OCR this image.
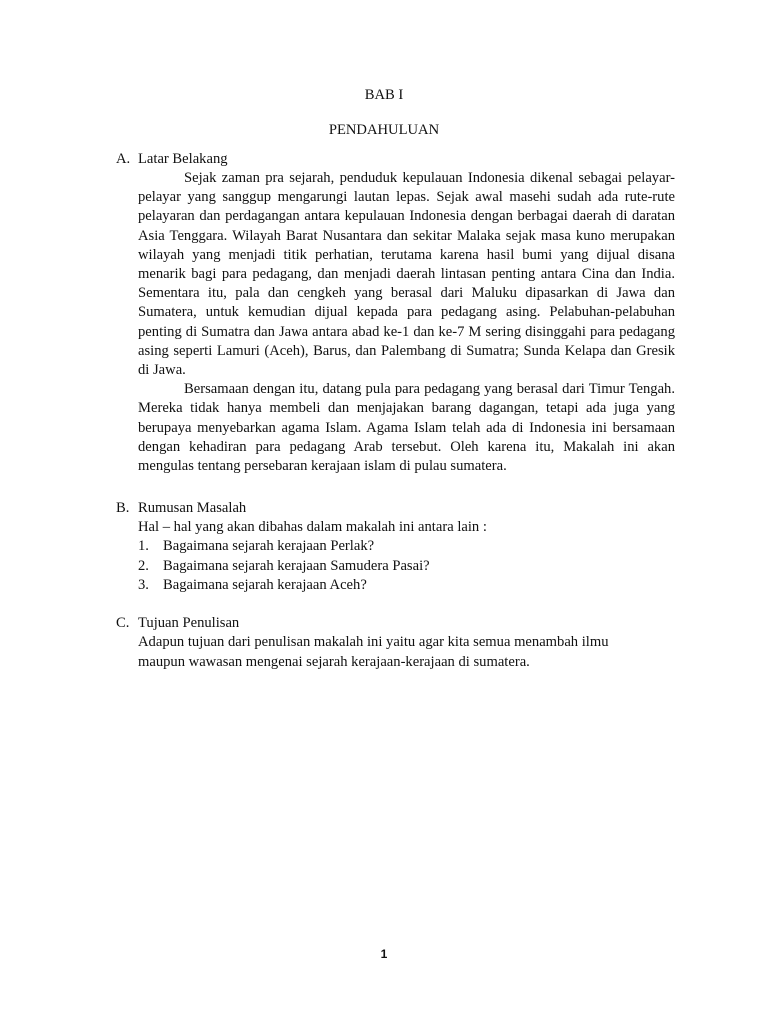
BAB I
PENDAHULUAN
A. Latar Belakang

Sejak zaman pra sejarah, penduduk kepulauan Indonesia dikenal sebagai pelayar-pelayar yang sanggup mengarungi lautan lepas. Sejak awal masehi sudah ada rute-rute pelayaran dan perdagangan antara kepulauan Indonesia dengan berbagai daerah di daratan Asia Tenggara. Wilayah Barat Nusantara dan sekitar Malaka sejak masa kuno merupakan wilayah yang menjadi titik perhatian, terutama karena hasil bumi yang dijual disana menarik bagi para pedagang, dan menjadi daerah lintasan penting antara Cina dan India. Sementara itu, pala dan cengkeh yang berasal dari Maluku dipasarkan di Jawa dan Sumatera, untuk kemudian dijual kepada para pedagang asing. Pelabuhan-pelabuhan penting di Sumatra dan Jawa antara abad ke-1 dan ke-7 M sering disinggahi para pedagang asing seperti Lamuri (Aceh), Barus, dan Palembang di Sumatra; Sunda Kelapa dan Gresik di Jawa.

Bersamaan dengan itu, datang pula para pedagang yang berasal dari Timur Tengah. Mereka tidak hanya membeli dan menjajakan barang dagangan, tetapi ada juga yang berupaya menyebarkan agama Islam. Agama Islam telah ada di Indonesia ini bersamaan dengan kehadiran para pedagang Arab tersebut. Oleh karena itu, Makalah ini akan mengulas tentang persebaran kerajaan islam di pulau sumatera.

B. Rumusan Masalah
Hal – hal yang akan dibahas dalam makalah ini antara lain :
1. Bagaimana sejarah kerajaan Perlak?
2. Bagaimana sejarah kerajaan Samudera Pasai?
3. Bagaimana sejarah kerajaan Aceh?
C. Tujuan Penulisan
Adapun tujuan dari penulisan makalah ini yaitu agar kita semua menambah ilmu
maupun wawasan mengenai sejarah kerajaan-kerajaan di sumatera.
1
